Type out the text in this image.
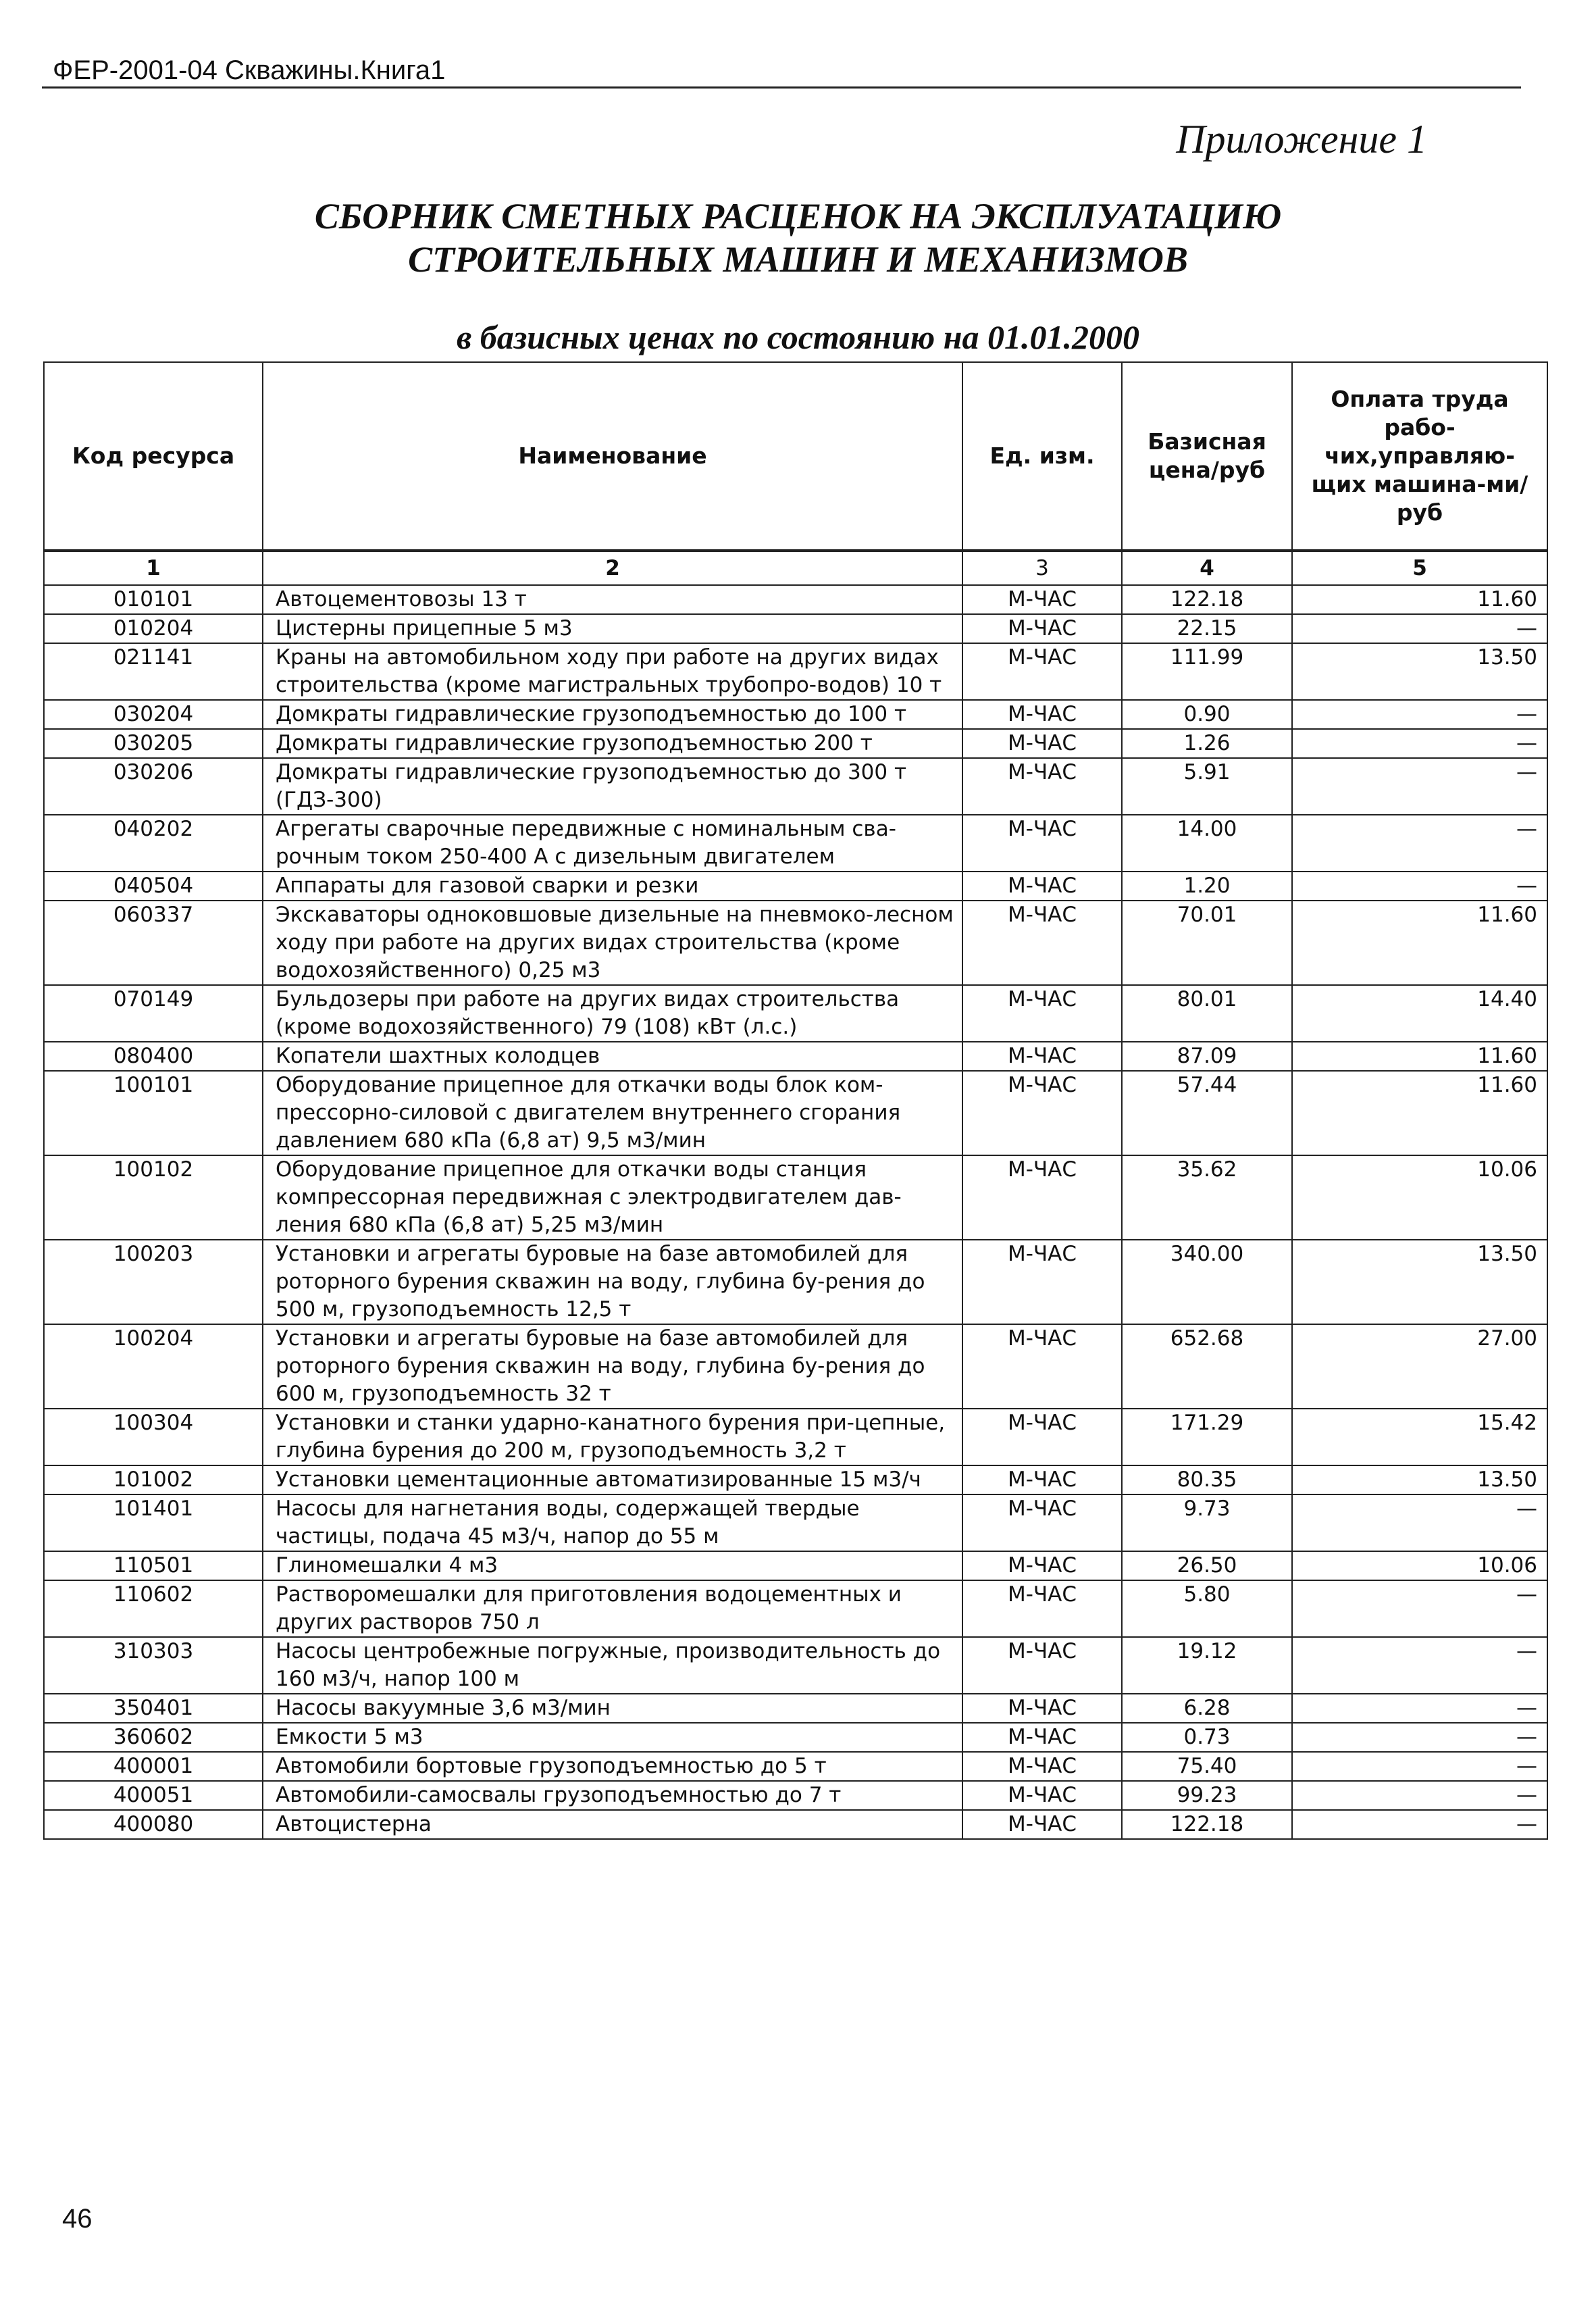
ФЕР-2001-04 Скважины.Книга1
Приложение 1
СБОРНИК СМЕТНЫХ РАСЦЕНОК НА ЭКСПЛУАТАЦИЮ
СТРОИТЕЛЬНЫХ МАШИН И МЕХАНИЗМОВ
в базисных ценах по состоянию на 01.01.2000
Код ресурса	Наименование	Ед. изм.	Базисная цена/руб	Оплата труда рабо-чих,управляю-щих машина-ми/руб
1	2	3	4	5
010101	Автоцементовозы 13 т	М-ЧАС	122.18	11.60
010204	Цистерны прицепные 5 м3	М-ЧАС	22.15	—
021141	Краны на автомобильном ходу при работе на других видах строительства (кроме магистральных трубопро-водов) 10 т	М-ЧАС	111.99	13.50
030204	Домкраты гидравлические грузоподъемностью до 100 т	М-ЧАС	0.90	—
030205	Домкраты гидравлические грузоподъемностью 200 т	М-ЧАС	1.26	—
030206	Домкраты гидравлические грузоподъемностью до 300 т (ГДЗ-300)	М-ЧАС	5.91	—
040202	Агрегаты сварочные передвижные с номинальным сва-рочным током 250-400 А с дизельным двигателем	М-ЧАС	14.00	—
040504	Аппараты для газовой сварки и резки	М-ЧАС	1.20	—
060337	Экскаваторы одноковшовые дизельные на пневмоко-лесном ходу при работе на других видах строительства (кроме водохозяйственного) 0,25 м3	М-ЧАС	70.01	11.60
070149	Бульдозеры при работе на других видах строительства (кроме водохозяйственного) 79 (108) кВт (л.с.)	М-ЧАС	80.01	14.40
080400	Копатели шахтных колодцев	М-ЧАС	87.09	11.60
100101	Оборудование прицепное для откачки воды блок ком-прессорно-силовой с двигателем внутреннего сгорания давлением 680 кПа (6,8 ат) 9,5 м3/мин	М-ЧАС	57.44	11.60
100102	Оборудование прицепное для откачки воды станция компрессорная передвижная с электродвигателем дав-ления 680 кПа (6,8 ат) 5,25 м3/мин	М-ЧАС	35.62	10.06
100203	Установки и агрегаты буровые на базе автомобилей для роторного бурения скважин на воду, глубина бу-рения до 500 м, грузоподъемность 12,5 т	М-ЧАС	340.00	13.50
100204	Установки и агрегаты буровые на базе автомобилей для роторного бурения скважин на воду, глубина бу-рения до 600 м, грузоподъемность 32 т	М-ЧАС	652.68	27.00
100304	Установки и станки ударно-канатного бурения при-цепные, глубина бурения до 200 м, грузоподъемность 3,2 т	М-ЧАС	171.29	15.42
101002	Установки цементационные автоматизированные 15 м3/ч	М-ЧАС	80.35	13.50
101401	Насосы для нагнетания воды, содержащей твердые частицы, подача 45 м3/ч, напор до 55 м	М-ЧАС	9.73	—
110501	Глиномешалки 4 м3	М-ЧАС	26.50	10.06
110602	Растворомешалки для приготовления водоцементных и других растворов 750 л	М-ЧАС	5.80	—
310303	Насосы центробежные погружные, производительность до 160 м3/ч, напор 100 м	М-ЧАС	19.12	—
350401	Насосы вакуумные 3,6 м3/мин	М-ЧАС	6.28	—
360602	Емкости 5 м3	М-ЧАС	0.73	—
400001	Автомобили бортовые грузоподъемностью до 5 т	М-ЧАС	75.40	—
400051	Автомобили-самосвалы грузоподъемностью до 7 т	М-ЧАС	99.23	—
400080	Автоцистерна	М-ЧАС	122.18	—
46
